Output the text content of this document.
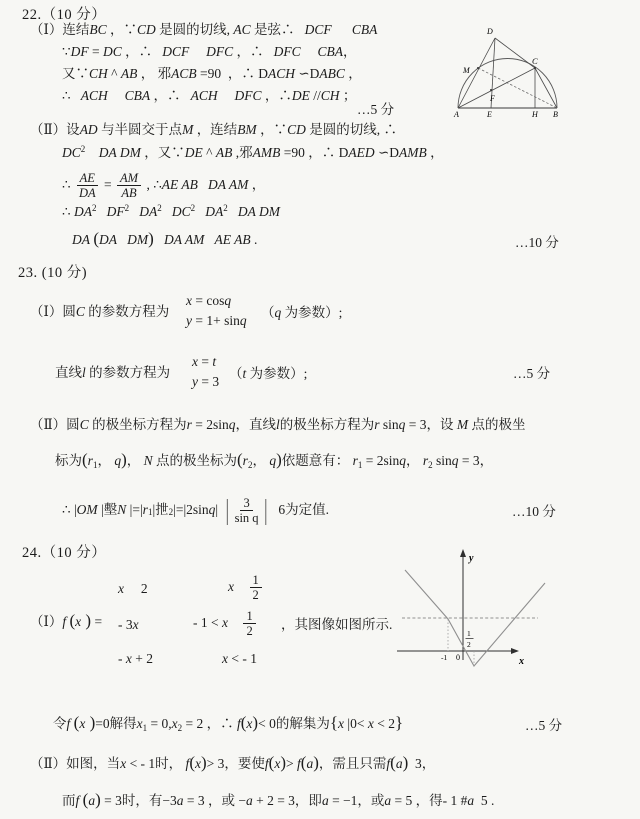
22.（10 分）
（Ⅰ）连结BC ，∵CD 是圆的切线, AC 是弦∴   DCF CBA
∵DF = DC ，∴   DCF DFC ，∴   DFC CBA，
又∵CH ^ AB ， 邪ACB =90  ，∴ DACH ∽DABC ，
∴   ACH CBA ，∴   ACH DFC ，∴DE //CH ；
…5 分
（Ⅱ）设AD 与半圆交于点M ，连结BM ，∵CD 是圆的切线, ∴
$DC^2$ DA DM ，又∵DE ^ AB ,邪AMB =90 ，∴ DAED ∽DAMB ，
∴ $\frac{AE}{DA} = \frac{AM}{AB}$ , ∴ AE AB
DA AM ，
∴ $DA^2$ $DF^2$ $DA^2$ $DC^2$ $DA^2$ DA DM
DA (DA DM) DA AM AE AB .	…10 分
A	E	H B
D
M
C
F
23. (10 分)
（Ⅰ）圆C 的参数方程为
x = cosq
y = 1+ sinq
（q 为参数）;
直线l 的参数方程为
x = t
y = 3
（t 为参数）;	…5 分
（Ⅱ）圆C 的极坐标方程为r = 2sinq，直线l的极坐标方程为r sinq = 3，设 M 点的极坐
标为($r_1$， q)， N 点的极坐标为($r_2$， q)依题意有： $r_1 = 2\sin q$， $r_2$ sinq = 3，
∴ | OM |墼 N |=| r 1 |抴 2 |=|2sin q | | $\frac{3}{\text{sin q}}$ | 6为定值.	…10 分
24.（10 分）
（Ⅰ）f (x ) =
x     2	x
$\frac{1}{2}$
- 3x	- 1 < x
$\frac{1}{2}$ ，其图像如图所示.
- x + 2	x < - 1
y
x
0
-1
1
2
令f (x )=0解得$x_1 = 0,x_2 = 2$ ，∴ f(x)< 0的解集为{x |0< x < 2}	…5 分
（Ⅱ）如图，当x < - 1时， f(x)> 3，要使f(x)> f(a)，需且只需f(a)  3，
而f (a) = 3时，有−3a = 3 ，或 −a + 2 = 3，即a = −1，或a = 5 ，得- 1 #a  5 .
